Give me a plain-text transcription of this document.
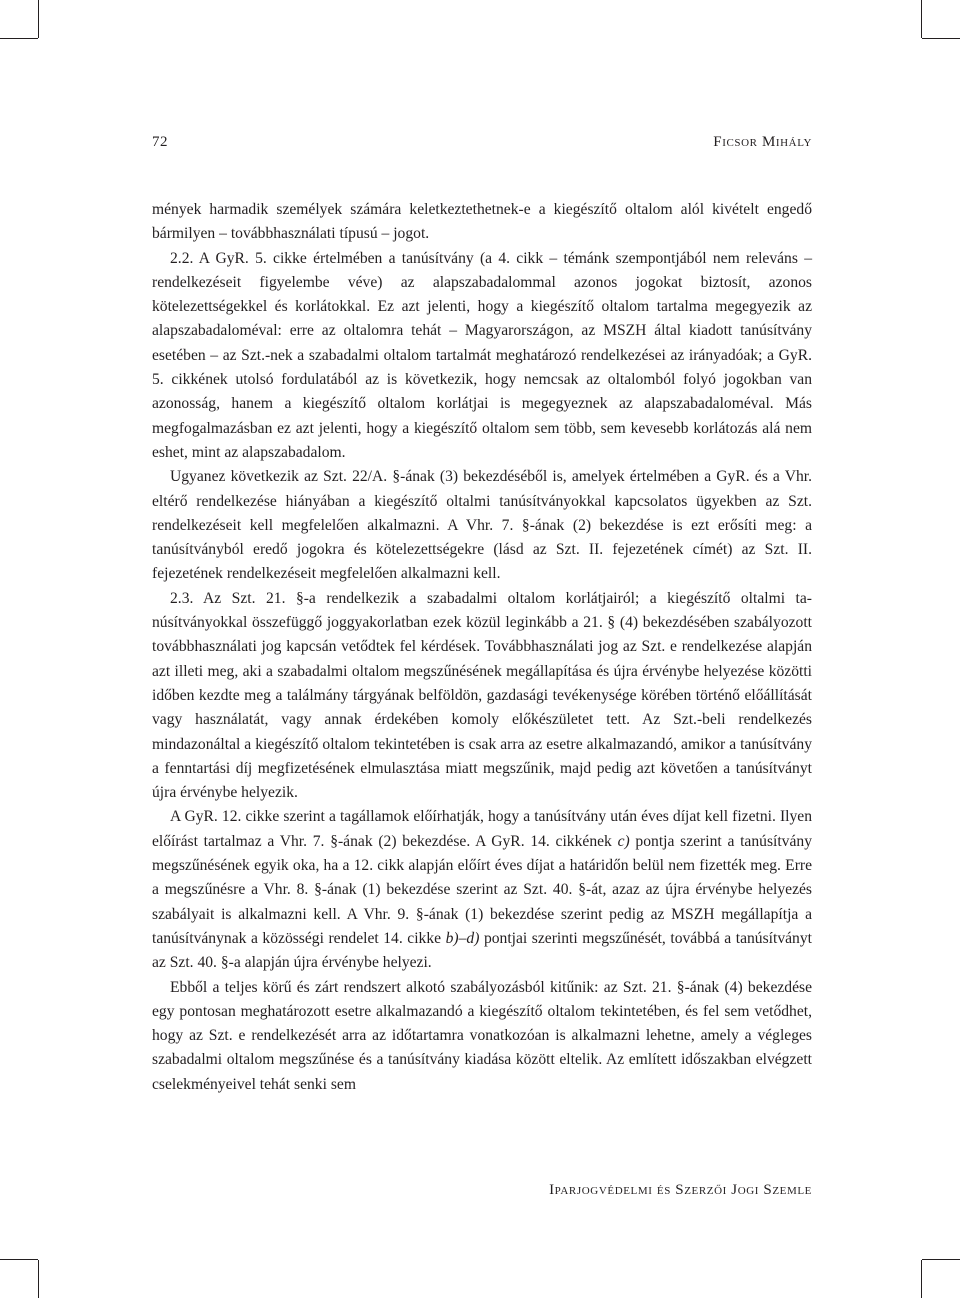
72	Ficsor Mihály

mények harmadik személyek számára keletkeztethetnek-e a kiegészítő oltalom alól kivételt engedő bármilyen – továbbhasználati típusú – jogot.

2.2. A GyR. 5. cikke értelmében a tanúsítvány (a 4. cikk – témánk szempontjából nem releváns – rendelkezéseit figyelembe véve) az alapszabadalommal azonos jogokat biztosít, azonos kötelezettségekkel és korlátokkal. Ez azt jelenti, hogy a kiegészítő oltalom tartalma megegyezik az alapszabadaloméval: erre az oltalomra tehát – Magyarországon, az MSZH által kiadott tanúsítvány esetében – az Szt.-nek a szabadalmi oltalom tartalmát meghatározó rendelkezései az irányadóak; a GyR. 5. cikkének utolsó fordulatából az is következik, hogy nemcsak az oltalomból folyó jogokban van azonosság, hanem a kiegészítő oltalom korlátjai is megegyeznek az alapszabadaloméval. Más megfogalmazásban ez azt jelenti, hogy a kiegészítő oltalom sem több, sem kevesebb korlátozás alá nem eshet, mint az alapszabadalom.

Ugyanez következik az Szt. 22/A. §-ának (3) bekezdéséből is, amelyek értelmében a GyR. és a Vhr. eltérő rendelkezése hiányában a kiegészítő oltalmi tanúsítványokkal kapcsolatos ügyekben az Szt. rendelkezéseit kell megfelelően alkalmazni. A Vhr. 7. §-ának (2) bekezdése is ezt erősíti meg: a tanúsítványból eredő jogokra és kötelezettségekre (lásd az Szt. II. fejezetének címét) az Szt. II. fejezetének rendelkezéseit megfelelően alkalmazni kell.

2.3. Az Szt. 21. §-a rendelkezik a szabadalmi oltalom korlátjairól; a kiegészítő oltalmi tanúsítványokkal összefüggő joggyakorlatban ezek közül leginkább a 21. § (4) bekezdésében szabályozott továbbhasználati jog kapcsán vetődtek fel kérdések. Továbbhasználati jog az Szt. e rendelkezése alapján azt illeti meg, aki a szabadalmi oltalom megszűnésének megállapítása és újra érvénybe helyezése közötti időben kezdte meg a találmány tárgyának belföldön, gazdasági tevékenysége körében történő előállítását vagy használatát, vagy annak érdekében komoly előkészületet tett. Az Szt.-beli rendelkezés mindazonáltal a kiegészítő oltalom tekintetében is csak arra az esetre alkalmazandó, amikor a tanúsítvány a fenntartási díj megfizetésének elmulasztása miatt megszűnik, majd pedig azt követően a tanúsítványt újra érvénybe helyezik.

A GyR. 12. cikke szerint a tagállamok előírhatják, hogy a tanúsítvány után éves díjat kell fizetni. Ilyen előírást tartalmaz a Vhr. 7. §-ának (2) bekezdése. A GyR. 14. cikkének c) pontja szerint a tanúsítvány megszűnésének egyik oka, ha a 12. cikk alapján előírt éves díjat a határidőn belül nem fizették meg. Erre a megszűnésre a Vhr. 8. §-ának (1) bekezdése szerint az Szt. 40. §-át, azaz az újra érvénybe helyezés szabályait is alkalmazni kell. A Vhr. 9. §-ának (1) bekezdése szerint pedig az MSZH megállapítja a tanúsítványnak a közösségi rendelet 14. cikke b)–d) pontjai szerinti megszűnését, továbbá a tanúsítványt az Szt. 40. §-a alapján újra érvénybe helyezi.

Ebből a teljes körű és zárt rendszert alkotó szabályozásból kitűnik: az Szt. 21. §-ának (4) bekezdése egy pontosan meghatározott esetre alkalmazandó a kiegészítő oltalom tekintetében, és fel sem vetődhet, hogy az Szt. e rendelkezését arra az időtartamra vonatkozóan is alkalmazni lehetne, amely a végleges szabadalmi oltalom megszűnése és a tanúsítvány kiadása között eltelik. Az említett időszakban elvégzett cselekményeivel tehát senki sem

Iparjogvédelmi és Szerzői Jogi Szemle
